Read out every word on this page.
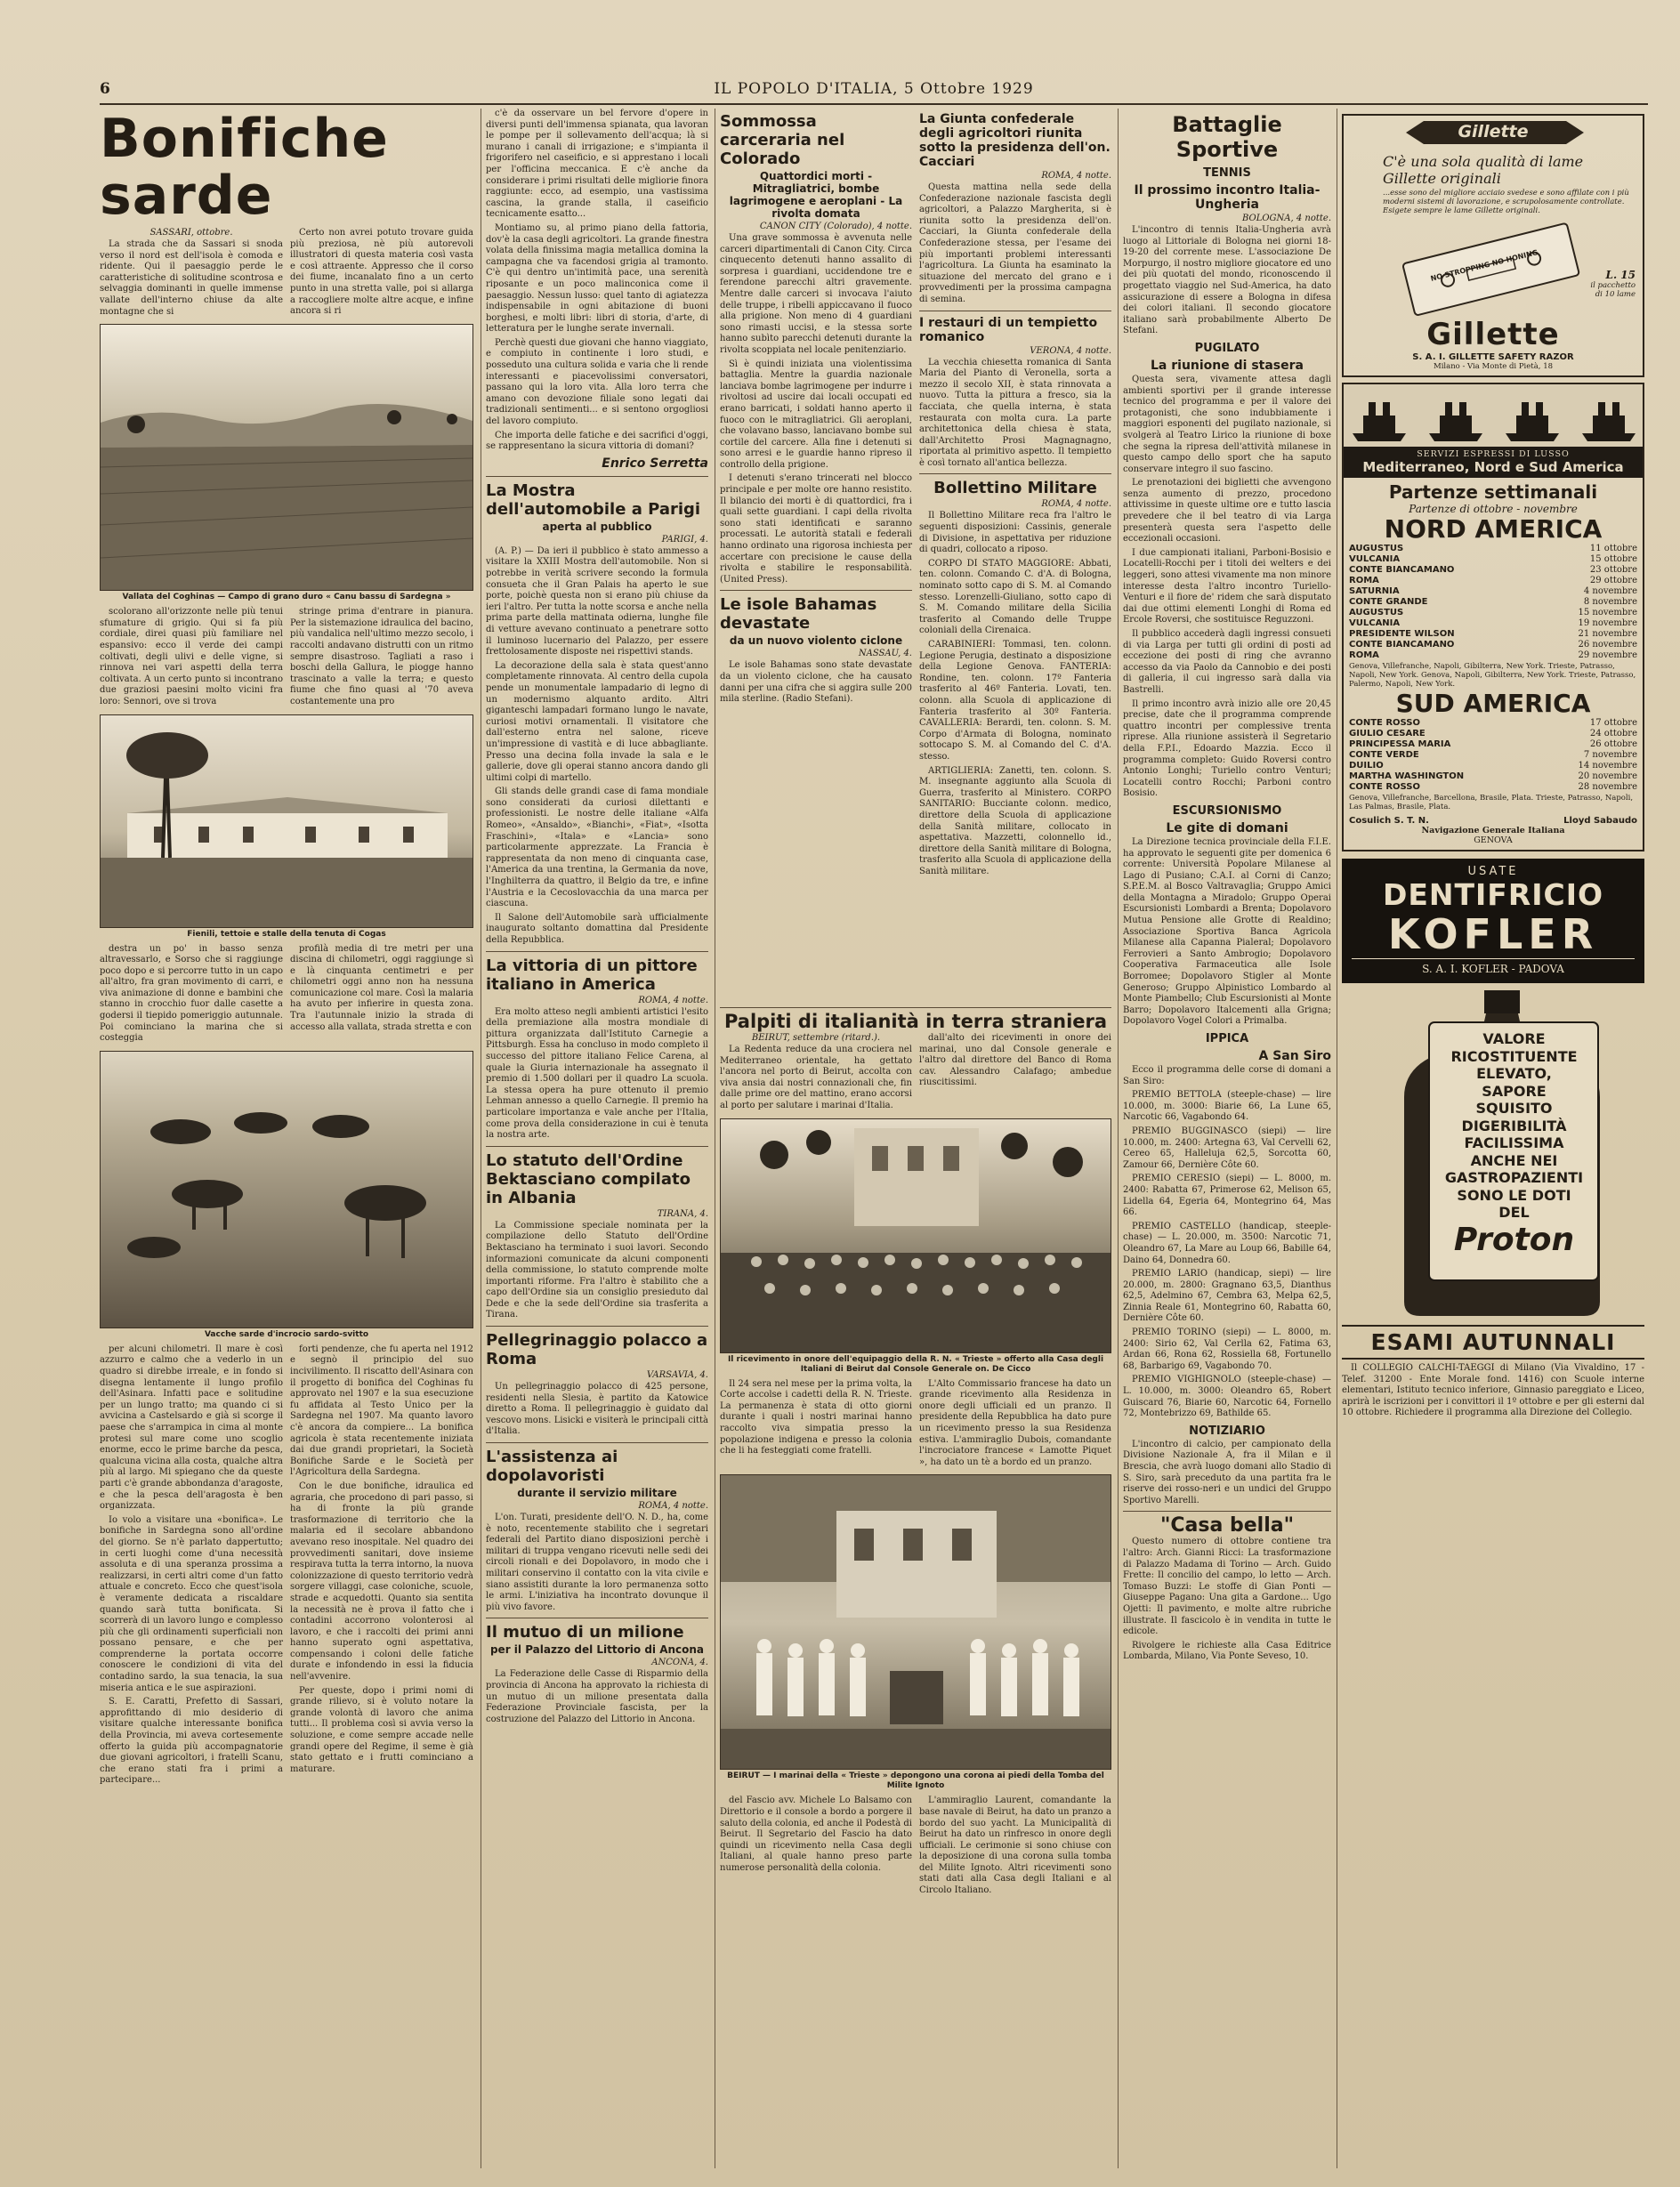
6	IL POPOLO D'ITALIA, 5 Ottobre 1929
Bonifiche sarde

SASSARI, ottobre.

La strada che da Sassari si snoda verso il nord est dell'isola è comoda e ridente. Qui il paesaggio perde le caratteristiche di solitudine scontrosa e selvaggia dominanti in quelle immense vallate dell'interno chiuse da alte montagne che si

Certo non avrei potuto trovare guida più preziosa, nè più autorevoli illustratori di questa materia così vasta e così attraente. Appresso che il corso dei fiume, incanalato fino a un certo punto in una stretta valle, poi si allarga a raccogliere molte altre acque, e infine ancora si ri

Vallata del Coghinas — Campo di grano duro « Canu bassu di Sardegna »

scolorano all'orizzonte nelle più tenui sfumature di grigio. Qui si fa più cordiale, direi quasi più familiare nel espansivo: ecco il verde dei campi coltivati, degli ulivi e delle vigne, si rinnova nei vari aspetti della terra coltivata. A un certo punto si incontrano due graziosi paesini molto vicini fra loro: Sennori, ove si trova

stringe prima d'entrare in pianura. Per la sistemazione idraulica del bacino, più vandalica nell'ultimo mezzo secolo, i raccolti andavano distrutti con un ritmo sempre disastroso. Tagliati a raso i boschi della Gallura, le piogge hanno trascinato a valle la terra; e questo fiume che fino quasi al '70 aveva costantemente una pro

Fienili, tettoie e stalle della tenuta di Cogas

destra un po' in basso senza altravessarlo, e Sorso che si raggiunge poco dopo e si percorre tutto in un capo all'altro, fra gran movimento di carri, e viva animazione di donne e bambini che stanno in crocchio fuor dalle casette a godersi il tiepido pomeriggio autunnale. Poi cominciano la marina che si costeggia

profilà media di tre metri per una discina di chilometri, oggi raggiunge sì e là cinquanta centimetri e per chilometri oggi anno non ha nessuna comunicazione col mare. Così la malaria ha avuto per infierire in questa zona. Tra l'autunnale inizio la strada di accesso alla vallata, strada stretta e con

Vacche sarde d'incrocio sardo-svitto

per alcuni chilometri. Il mare è così azzurro e calmo che a vederlo in un quadro si direbbe irreale, e in fondo si disegna lentamente il lungo profilo dell'Asinara. Infatti pace e solitudine per un lungo tratto; ma quando ci si avvicina a Castelsardo e già si scorge il paese che s'arrampica in cima al monte protesi sul mare come uno scoglio enorme, ecco le prime barche da pesca, qualcuna vicina alla costa, qualche altra più al largo. Mi spiegano che da queste parti c'è grande abbondanza d'aragoste, e che la pesca dell'aragosta è ben organizzata.

Io volo a visitare una «bonifica». Le bonifiche in Sardegna sono all'ordine del giorno. Se n'è parlato dappertutto; in certi luoghi come d'una necessità assoluta e di una speranza prossima a realizzarsi, in certi altri come d'un fatto attuale e concreto. Ecco che quest'isola è veramente dedicata a riscaldare quando sarà tutta bonificata. Si scorrerà di un lavoro lungo e complesso più che gli ordinamenti superficiali non possano pensare, e che per comprenderne la portata occorre conoscere le condizioni di vita del contadino sardo, la sua tenacia, la sua miseria antica e le sue aspirazioni.

S. E. Caratti, Prefetto di Sassari, approfittando di mio desiderio di visitare qualche interessante bonifica della Provincia, mi aveva cortesemente offerto la guida più accompagnatorie due giovani agricoltori, i fratelli Scanu, che erano stati fra i primi a partecipare...

forti pendenze, che fu aperta nel 1912 e segnò il principio del suo incivilimento. Il riscatto dell'Asinara con il progetto di bonifica del Coghinas fu approvato nel 1907 e la sua esecuzione fu affidata al Testo Unico per la Sardegna nel 1907. Ma quanto lavoro c'è ancora da compiere... La bonifica agricola è stata recentemente iniziata dai due grandi proprietari, la Società Bonifiche Sarde e le Società per l'Agricoltura della Sardegna.

Con le due bonifiche, idraulica ed agraria, che procedono di pari passo, si ha di fronte la più grande trasformazione di territorio che la malaria ed il secolare abbandono avevano reso inospitale. Nel quadro dei provvedimenti sanitari, dove insieme respirava tutta la terra intorno, la nuova colonizzazione di questo territorio vedrà sorgere villaggi, case coloniche, scuole, strade e acquedotti. Quanto sia sentita la necessità ne è prova il fatto che i contadini accorrono volonterosi al lavoro, e che i raccolti dei primi anni hanno superato ogni aspettativa, compensando i coloni delle fatiche durate e infondendo in essi la fiducia nell'avvenire.

Per queste, dopo i primi nomi di grande rilievo, si è voluto notare la grande volontà di lavoro che anima tutti... Il problema così si avvia verso la soluzione, e come sempre accade nelle grandi opere del Regime, il seme è già stato gettato e i frutti cominciano a maturare.

c'è da osservare un bel fervore d'opere in diversi punti dell'immensa spianata, qua lavoran le pompe per il sollevamento dell'acqua; là si murano i canali di irrigazione; e s'impianta il frigorifero nel caseificio, e si apprestano i locali per l'officina meccanica. E c'è anche da considerare i primi risultati delle migliorie finora raggiunte: ecco, ad esempio, una vastissima cascina, la grande stalla, il caseificio tecnicamente esatto...

Montiamo su, al primo piano della fattoria, dov'è la casa degli agricoltori. La grande finestra volata della finissima magia metallica domina la campagna che va facendosi grigia al tramonto. C'è qui dentro un'intimità pace, una serenità riposante e un poco malinconica come il paesaggio. Nessun lusso: quel tanto di agiatezza indispensabile in ogni abitazione di buoni borghesi, e molti libri: libri di storia, d'arte, di letteratura per le lunghe serate invernali.

Perchè questi due giovani che hanno viaggiato, e compiuto in continente i loro studi, e posseduto una cultura solida e varia che li rende interessanti e piacevolissimi conversatori, passano qui la loro vita. Alla loro terra che amano con devozione filiale sono legati dai tradizionali sentimenti... e si sentono orgogliosi del lavoro compiuto.

Che importa delle fatiche e dei sacrifici d'oggi, se rappresentano la sicura vittoria di domani?

Enrico Serretta
La Mostra dell'automobile a Parigi
aperta al pubblico

PARIGI, 4.

(A. P.) — Da ieri il pubblico è stato ammesso a visitare la XXIII Mostra dell'automobile. Non si potrebbe in verità scrivere secondo la formula consueta che il Gran Palais ha aperto le sue porte, poichè questa non si erano più chiuse da ieri l'altro. Per tutta la notte scorsa e anche nella prima parte della mattinata odierna, lunghe file di vetture avevano continuato a penetrare sotto il luminoso lucernario del Palazzo, per essere frettolosamente disposte nei rispettivi stands.

La decorazione della sala è stata quest'anno completamente rinnovata. Al centro della cupola pende un monumentale lampadario di legno di un modernismo alquanto ardito. Altri giganteschi lampadari formano lungo le navate, curiosi motivi ornamentali. Il visitatore che dall'esterno entra nel salone, riceve un'impressione di vastità e di luce abbagliante. Presso una decina folla invade la sala e le gallerie, dove gli operai stanno ancora dando gli ultimi colpi di martello.

Gli stands delle grandi case di fama mondiale sono considerati da curiosi dilettanti e professionisti. Le nostre delle italiane «Alfa Romeo», «Ansaldo», «Bianchi», «Fiat», «Isotta Fraschini», «Itala» e «Lancia» sono particolarmente apprezzate. La Francia è rappresentata da non meno di cinquanta case, l'America da una trentina, la Germania da nove, l'Inghilterra da quattro, il Belgio da tre, e infine l'Austria e la Cecoslovacchia da una marca per ciascuna.

Il Salone dell'Automobile sarà ufficialmente inaugurato soltanto domattina dal Presidente della Repubblica.

La vittoria di un pittore italiano in America

ROMA, 4 notte.

Era molto atteso negli ambienti artistici l'esito della premiazione alla mostra mondiale di pittura organizzata dall'Istituto Carnegie a Pittsburgh. Essa ha concluso in modo completo il successo del pittore italiano Felice Carena, al quale la Giuria internazionale ha assegnato il premio di 1.500 dollari per il quadro La scuola. La stessa opera ha pure ottenuto il premio Lehman annesso a quello Carnegie. Il premio ha particolare importanza e vale anche per l'Italia, come prova della considerazione in cui è tenuta la nostra arte.

Lo statuto dell'Ordine Bektasciano compilato in Albania

TIRANA, 4.

La Commissione speciale nominata per la compilazione dello Statuto dell'Ordine Bektasciano ha terminato i suoi lavori. Secondo informazioni comunicate da alcuni componenti della commissione, lo statuto comprende molte importanti riforme. Fra l'altro è stabilito che a capo dell'Ordine sia un consiglio presieduto dal Dede e che la sede dell'Ordine sia trasferita a Tirana.

Pellegrinaggio polacco a Roma

VARSAVIA, 4.

Un pellegrinaggio polacco di 425 persone, residenti nella Slesia, è partito da Katowice diretto a Roma. Il pellegrinaggio è guidato dal vescovo mons. Lisicki e visiterà le principali città d'Italia.

L'assistenza ai dopolavoristi
durante il servizio militare

ROMA, 4 notte.

L'on. Turati, presidente dell'O. N. D., ha, come è noto, recentemente stabilito che i segretari federali del Partito diano disposizioni perchè i militari di truppa vengano ricevuti nelle sedi dei circoli rionali e dei Dopolavoro, in modo che i militari conservino il contatto con la vita civile e siano assistiti durante la loro permanenza sotto le armi. L'iniziativa ha incontrato dovunque il più vivo favore.

Il mutuo di un milione
per il Palazzo del Littorio di Ancona

ANCONA, 4.

La Federazione delle Casse di Risparmio della provincia di Ancona ha approvato la richiesta di un mutuo di un milione presentata dalla Federazione Provinciale fascista, per la costruzione del Palazzo del Littorio in Ancona.

Sommossa carceraria nel Colorado
Quattordici morti - Mitragliatrici, bombe lagrimogene e aeroplani - La rivolta domata

CANON CITY (Colorado), 4 notte.

Una grave sommossa è avvenuta nelle carceri dipartimentali di Canon City. Circa cinquecento detenuti hanno assalito di sorpresa i guardiani, uccidendone tre e ferendone parecchi altri gravemente. Mentre dalle carceri si invocava l'aiuto delle truppe, i ribelli appiccavano il fuoco alla prigione. Non meno di 4 guardiani sono rimasti uccisi, e la stessa sorte hanno subìto parecchi detenuti durante la rivolta scoppiata nel locale penitenziario.

Sì è quindi iniziata una violentissima battaglia. Mentre la guardia nazionale lanciava bombe lagrimogene per indurre i rivoltosi ad uscire dai locali occupati ed erano barricati, i soldati hanno aperto il fuoco con le mitragliatrici. Gli aeroplani, che volavano basso, lanciavano bombe sul cortile del carcere. Alla fine i detenuti si sono arresi e le guardie hanno ripreso il controllo della prigione.

I detenuti s'erano trincerati nel blocco principale e per molte ore hanno resistito. Il bilancio dei morti è di quattordici, fra i quali sette guardiani. I capi della rivolta sono stati identificati e saranno processati. Le autorità statali e federali hanno ordinato una rigorosa inchiesta per accertare con precisione le cause della rivolta e stabilire le responsabilità. (United Press).

Le isole Bahamas devastate
da un nuovo violento ciclone

NASSAU, 4.

Le isole Bahamas sono state devastate da un violento ciclone, che ha causato danni per una cifra che si aggira sulle 200 mila sterline. (Radio Stefani).

La Giunta confederale degli agricoltori riunita sotto la presidenza dell'on. Cacciari

ROMA, 4 notte.

Questa mattina nella sede della Confederazione nazionale fascista degli agricoltori, a Palazzo Margherita, si è riunita sotto la presidenza dell'on. Cacciari, la Giunta confederale della Confederazione stessa, per l'esame dei più importanti problemi interessanti l'agricoltura. La Giunta ha esaminato la situazione del mercato del grano e i provvedimenti per la prossima campagna di semina.

I restauri di un tempietto romanico

VERONA, 4 notte.

La vecchia chiesetta romanica di Santa Maria del Pianto di Veronella, sorta a mezzo il secolo XII, è stata rinnovata a nuovo. Tutta la pittura a fresco, sia la facciata, che quella interna, è stata restaurata con molta cura. La parte architettonica della chiesa è stata, dall'Architetto Prosi Magnagnagno, riportata al primitivo aspetto. Il tempietto è così tornato all'antica bellezza.

Bollettino Militare

ROMA, 4 notte.

Il Bollettino Militare reca fra l'altro le seguenti disposizioni: Cassinis, generale di Divisione, in aspettativa per riduzione di quadri, collocato a riposo.

CORPO DI STATO MAGGIORE: Abbati, ten. colonn. Comando C. d'A. di Bologna, nominato sotto capo di S. M. al Comando stesso. Lorenzelli-Giuliano, sotto capo di S. M. Comando militare della Sicilia trasferito al Comando delle Truppe coloniali della Cirenaica.

CARABINIERI: Tommasi, ten. colonn. Legione Perugia, destinato a disposizione della Legione Genova. FANTERIA: Rondine, ten. colonn. 17º Fanteria trasferito al 46º Fanteria. Lovati, ten. colonn. alla Scuola di applicazione di Fanteria trasferito al 30º Fanteria. CAVALLERIA: Berardi, ten. colonn. S. M. Corpo d'Armata di Bologna, nominato sottocapo S. M. al Comando del C. d'A. stesso.

ARTIGLIERIA: Zanetti, ten. colonn. S. M. insegnante aggiunto alla Scuola di Guerra, trasferito al Ministero. CORPO SANITARIO: Bucciante colonn. medico, direttore della Scuola di applicazione della Sanità militare, collocato in aspettativa. Mazzetti, colonnello id., direttore della Sanità militare di Bologna, trasferito alla Scuola di applicazione della Sanità militare.

Palpiti di italianità in terra straniera

BEIRUT, settembre (ritard.).

La Redenta reduce da una crociera nel Mediterraneo orientale, ha gettato l'ancora nel porto di Beirut, accolta con viva ansia dai nostri connazionali che, fin dalle prime ore del mattino, erano accorsi al porto per salutare i marinai d'Italia.

dall'alto dei ricevimenti in onore dei marinai, uno dal Console generale e l'altro dal direttore del Banco di Roma cav. Alessandro Calafago; ambedue riuscitissimi.

Il ricevimento in onore dell'equipaggio della R. N. « Trieste » offerto alla Casa degli Italiani di Beirut dal Console Generale on. De Cicco

Il 24 sera nel mese per la prima volta, la Corte accolse i cadetti della R. N. Trieste. La permanenza è stata di otto giorni durante i quali i nostri marinai hanno raccolto viva simpatia presso la popolazione indigena e presso la colonia che li ha festeggiati come fratelli.

L'Alto Commissario francese ha dato un grande ricevimento alla Residenza in onore degli ufficiali ed un pranzo. Il presidente della Repubblica ha dato pure un ricevimento presso la sua Residenza estiva. L'ammiraglio Dubois, comandante l'incrociatore francese « Lamotte Piquet », ha dato un tè a bordo ed un pranzo.

BEIRUT — I marinai della « Trieste » depongono una corona ai piedi della Tomba del Milite Ignoto

del Fascio avv. Michele Lo Balsamo con Direttorio e il console a bordo a porgere il saluto della colonia, ed anche il Podestà di Beirut. Il Segretario del Fascio ha dato quindi un ricevimento nella Casa degli Italiani, al quale hanno preso parte numerose personalità della colonia.

L'ammiraglio Laurent, comandante la base navale di Beirut, ha dato un pranzo a bordo del suo yacht. La Municipalità di Beirut ha dato un rinfresco in onore degli ufficiali. Le cerimonie si sono chiuse con la deposizione di una corona sulla tomba del Milite Ignoto. Altri ricevimenti sono stati dati alla Casa degli Italiani e al Circolo Italiano.

Battaglie Sportive
TENNIS
Il prossimo incontro Italia-Ungheria

BOLOGNA, 4 notte.

L'incontro di tennis Italia-Ungheria avrà luogo al Littoriale di Bologna nei giorni 18-19-20 del corrente mese. L'associazione De Morpurgo, il nostro migliore giocatore ed uno dei più quotati del mondo, riconoscendo il progettato viaggio nel Sud-America, ha dato assicurazione di essere a Bologna in difesa dei colori italiani. Il secondo giocatore italiano sarà probabilmente Alberto De Stefani.

PUGILATO
La riunione di stasera

Questa sera, vivamente attesa dagli ambienti sportivi per il grande interesse tecnico del programma e per il valore dei protagonisti, che sono indubbiamente i maggiori esponenti del pugilato nazionale, si svolgerà al Teatro Lirico la riunione di boxe che segna la ripresa dell'attività milanese in questo campo dello sport che ha saputo conservare integro il suo fascino.

Le prenotazioni dei biglietti che avvengono senza aumento di prezzo, procedono attivissime in queste ultime ore e tutto lascia prevedere che il bel teatro di via Larga presenterà questa sera l'aspetto delle eccezionali occasioni.

I due campionati italiani, Parboni-Bosisio e Locatelli-Rocchi per i titoli dei welters e dei leggeri, sono attesi vivamente ma non minore interesse desta l'altro incontro Turiello-Venturi e il fiore de' ridem che sarà disputato dai due ottimi elementi Longhi di Roma ed Ercole Roversi, che sostituisce Reguzzoni.

Il pubblico accederà dagli ingressi consueti di via Larga per tutti gli ordini di posti ad eccezione dei posti di ring che avranno accesso da via Paolo da Cannobio e dei posti di galleria, il cui ingresso sarà dalla via Bastrelli.

Il primo incontro avrà inizio alle ore 20,45 precise, date che il programma comprende quattro incontri per complessive trenta riprese. Alla riunione assisterà il Segretario della F.P.I., Edoardo Mazzia. Ecco il programma completo: Guido Roversi contro Antonio Longhi; Turiello contro Venturi; Locatelli contro Rocchi; Parboni contro Bosisio.

ESCURSIONISMO
Le gite di domani

La Direzione tecnica provinciale della F.I.E. ha approvato le seguenti gite per domenica 6 corrente: Università Popolare Milanese al Lago di Pusiano; C.A.I. al Corni di Canzo; S.P.E.M. al Bosco Valtravaglia; Gruppo Amici della Montagna a Miradolo; Gruppo Operai Escursionisti Lombardi a Brenta; Dopolavoro Mutua Pensione alle Grotte di Realdino; Associazione Sportiva Banca Agricola Milanese alla Capanna Pialeral; Dopolavoro Ferrovieri a Santo Ambrogio; Dopolavoro Cooperativa Farmaceutica alle Isole Borromee; Dopolavoro Stigler al Monte Generoso; Gruppo Alpinistico Lombardo al Monte Piambello; Club Escursionisti al Monte Barro; Dopolavoro Italcementi alla Grigna; Dopolavoro Vogel Colori a Primalba.

IPPICA
A San Siro

Ecco il programma delle corse di domani a San Siro:

PREMIO BETTOLA (steeple-chase) — lire 10.000, m. 3000: Biarie 66, La Lune 65, Narcotic 66, Vagabondo 64.

PREMIO BUGGINASCO (siepi) — lire 10.000, m. 2400: Artegna 63, Val Cervelli 62, Cereo 65, Halleluja 62,5, Sorcotta 60, Zamour 66, Dernière Côte 60.

PREMIO CERESIO (siepi) — L. 8000, m. 2400: Rabatta 67, Primerose 62, Melison 65, Lidella 64, Egeria 64, Montegrino 64, Mas 66.

PREMIO CASTELLO (handicap, steeple-chase) — L. 20.000, m. 3500: Narcotic 71, Oleandro 67, La Mare au Loup 66, Babille 64, Daino 64, Donnedra 60.

PREMIO LARIO (handicap, siepi) — lire 20.000, m. 2800: Gragnano 63,5, Dianthus 62,5, Adelmino 67, Cembra 63, Melpa 62,5, Zinnia Reale 61, Montegrino 60, Rabatta 60, Dernière Côte 60.

PREMIO TORINO (siepi) — L. 8000, m. 2400: Sirio 62, Val Cerlla 62, Fatima 63, Ardan 66, Rona 62, Rossiella 68, Fortunello 68, Barbarigo 69, Vagabondo 70.

PREMIO VIGHIGNOLO (steeple-chase) — L. 10.000, m. 3000: Oleandro 65, Robert Guiscard 76, Biarie 60, Narcotic 64, Fornello 72, Montebrizzo 69, Bathilde 65.

NOTIZIARIO

L'incontro di calcio, per campionato della Divisione Nazionale A, fra il Milan e il Brescia, che avrà luogo domani allo Stadio di S. Siro, sarà preceduto da una partita fra le riserve dei rosso-neri e un undici del Gruppo Sportivo Marelli.

"Casa bella"

Questo numero di ottobre contiene tra l'altro: Arch. Gianni Ricci: La trasformazione di Palazzo Madama di Torino — Arch. Guido Frette: Il concilio del campo, lo letto — Arch. Tomaso Buzzi: Le stoffe di Gian Ponti — Giuseppe Pagano: Una gita a Gardone... Ugo Ojetti: Il pavimento, e molte altre rubriche illustrate. Il fascicolo è in vendita in tutte le edicole.

Rivolgere le richieste alla Casa Editrice Lombarda, Milano, Via Ponte Seveso, 10.

Gillette
C'è una sola qualità di lame Gillette originali
...esse sono del migliore acciaio svedese e sono affilate con i più moderni sistemi di lavorazione, e scrupolosamente controllate. Esigete sempre le lame Gillette originali.
NO STROPPING NO HONING	L. 15
il pacchetto di 10 lame
Gillette
S. A. I. GILLETTE SAFETY RAZOR
Milano - Via Monte di Pietà, 18
SERVIZI ESPRESSI DI LUSSO
Mediterraneo, Nord e Sud America
Partenze settimanali
Partenze di ottobre - novembre
NORD AMERICA
AUGUSTUS	11 ottobre
VULCANIA	15 ottobre
CONTE BIANCAMANO	23 ottobre
ROMA	29 ottobre
SATURNIA	4 novembre
CONTE GRANDE	8 novembre
AUGUSTUS	15 novembre
VULCANIA	19 novembre
PRESIDENTE WILSON	21 novembre
CONTE BIANCAMANO	26 novembre
ROMA	29 novembre
Genova, Villefranche, Napoli, Gibilterra, New York. Trieste, Patrasso, Napoli, New York. Genova, Napoli, Gibilterra, New York. Trieste, Patrasso, Palermo, Napoli, New York.
SUD AMERICA
CONTE ROSSO	17 ottobre
GIULIO CESARE	24 ottobre
PRINCIPESSA MARIA	26 ottobre
CONTE VERDE	7 novembre
DUILIO	14 novembre
MARTHA WASHINGTON	20 novembre
CONTE ROSSO	28 novembre
Genova, Villefranche, Barcellona, Brasile, Plata. Trieste, Patrasso, Napoli, Las Palmas, Brasile, Plata.
Cosulich S. T. N.	Lloyd Sabaudo
Navigazione Generale Italiana
GENOVA
USATE
DENTIFRICIO
KOFLER
S. A. I. KOFLER - PADOVA
VALORE
RICOSTITUENTE
ELEVATO,
SAPORE
SQUISITO
DIGERIBILITÀ
FACILISSIMA
ANCHE NEI
GASTROPAZIENTI
SONO LE DOTI
DEL
Proton
ESAMI AUTUNNALI

Il COLLEGIO CALCHI-TAEGGI di Milano (Via Vivaldino, 17 - Telef. 31200 - Ente Morale fond. 1416) con Scuole interne elementari, Istituto tecnico inferiore, Ginnasio pareggiato e Liceo, aprirà le iscrizioni per i convittori il 1º ottobre e per gli esterni dal 10 ottobre. Richiedere il programma alla Direzione del Collegio.
